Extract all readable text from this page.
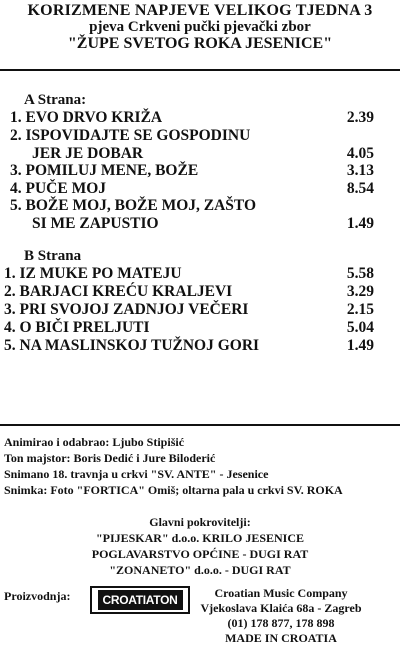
KORIZMENE NAPJEVE VELIKOG TJEDNA 3
pjeva Crkveni pučki pjevački zbor
"ŽUPE SVETOG ROKA JESENICE"
A Strana:
1. EVO DRVO KRIŽA	2.39
2. ISPOVIDAJTE SE GOSPODINU
JER JE DOBAR	4.05
3. POMILUJ MENE, BOŽE	3.13
4. PUČE MOJ	8.54
5. BOŽE MOJ, BOŽE MOJ, ZAŠTO
SI ME ZAPUSTIO	1.49
B Strana
1. IZ MUKE PO MATEJU	5.58
2. BARJACI KREĆU KRALJEVI	3.29
3. PRI SVOJOJ ZADNJOJ VEČERI	2.15
4. O BIČI PRELJUTI	5.04
5. NA MASLINSKOJ TUŽNOJ GORI	1.49
Animirao i odabrao: Ljubo Stipišić
Ton majstor: Boris Dedić i Jure Biloderić
Snimano 18. travnja u crkvi "SV. ANTE" - Jesenice
Snimka: Foto "FORTICA" Omiš; oltarna pala u crkvi SV. ROKA
Glavni pokrovitelji:
"PIJESKAR" d.o.o. KRILO JESENICE
POGLAVARSTVO OPĆINE - DUGI RAT
"ZONANETO" d.o.o. - DUGI RAT
Proizvodnja:	CROATIATON	Croatian Music Company
Vjekoslava Klaića 68a - Zagreb
(01) 178 877, 178 898
MADE IN CROATIA
